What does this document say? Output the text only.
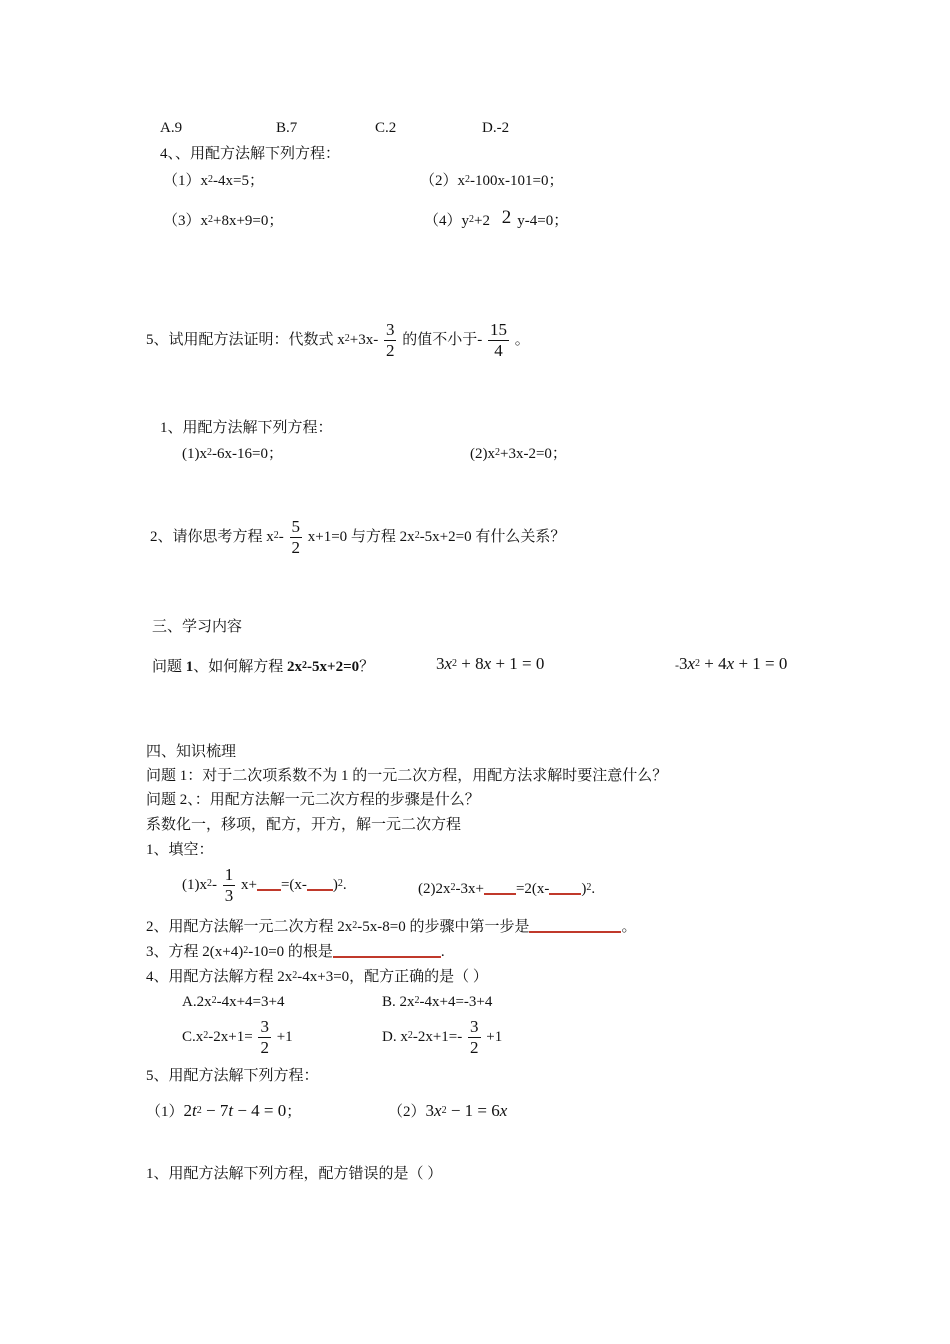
A.9	B.7	C.2	D.-2
4、、用配方法解下列方程：
$(1)x^2-4x=5$；	$(2)x^2-100x-101=0$；
$(3)x^2+8x+9=0$；	$(4)y^2+2$ 2 y-4=0；
5、试用配方法证明：代数式 $x^2+3x- \frac{3}{2}$ 的值不小于- $\frac{15}{4}$ 。
1、用配方法解下列方程：
$(1)x^2-6x-16=0$；	$(2)x^2+3x-2=0$；
2、请你思考方程 $x^2- \frac{5}{2} x+1=0$ 与方程 $2x^2-5x+2=0$ 有什么关系？
三、学习内容
问题 1、如何解方程 $2x^2-5x+2=0$？	3x2 + 8x + 1 = 0	-3x2 + 4x + 1 = 0
四、知识梳理
问题 1：对于二次项系数不为 1 的一元二次方程，用配方法求解时要注意什么？
问题 2、：用配方法解一元二次方程的步骤是什么？
系数化一，移项，配方，开方，解一元二次方程
1、填空：
$(1)x^2- \frac{1}{3} x+ =(x-$ )$^2$.	$(2)2x^2-3x+ =2(x-$ )$^2$.
2、用配方法解一元二次方程 $2x^2-5x-8=0$ 的步骤中第一步是	。
3、方程 $2(x+4)^2-10=0$ 的根是	.
4、用配方法解方程 $2x^2-4x+3=0$，配方正确的是（ ）
$A.2x^2-4x+4=3+4$	B. $2x^2-4x+4=-3+4$
$C.x^2-2x+1= \frac{3}{2} +1$	D. $x^2-2x+1=- \frac{3}{2} +1$
5、用配方法解下列方程：
（1）2t2 − 7t − 4 = 0；	（2）3x2 − 1 = 6x
1、用配方法解下列方程，配方错误的是（ ）
